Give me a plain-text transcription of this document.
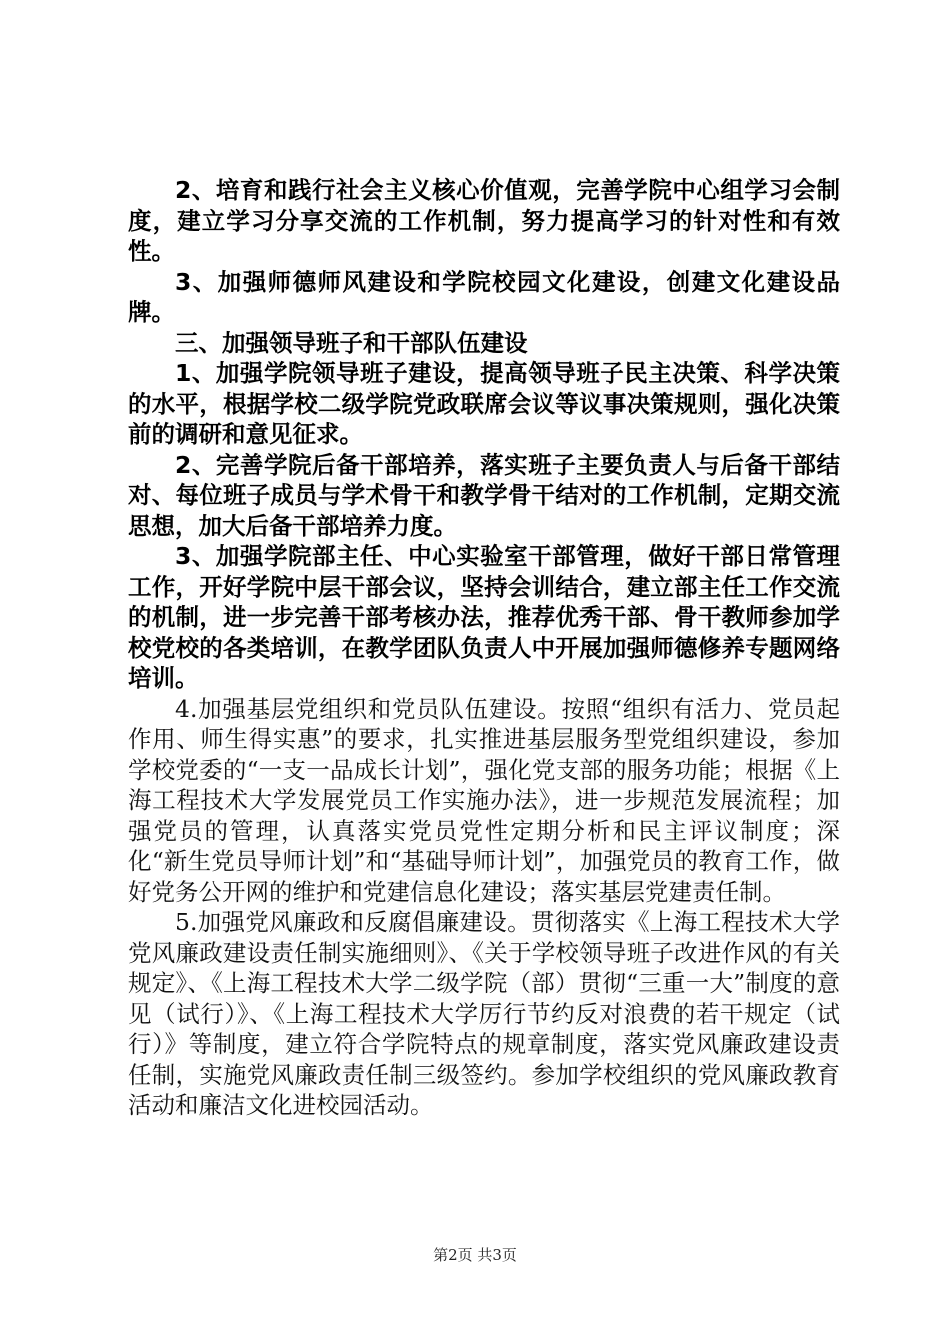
2、培育和践行社会主义核心价值观，完善学院中心组学习会制度，建立学习分享交流的工作机制，努力提高学习的针对性和有效性。

3、加强师德师风建设和学院校园文化建设，创建文化建设品牌。

三、加强领导班子和干部队伍建设

1、加强学院领导班子建设，提高领导班子民主决策、科学决策的水平，根据学校二级学院党政联席会议等议事决策规则，强化决策前的调研和意见征求。

2、完善学院后备干部培养，落实班子主要负责人与后备干部结对、每位班子成员与学术骨干和教学骨干结对的工作机制，定期交流思想，加大后备干部培养力度。

3、加强学院部主任、中心实验室干部管理，做好干部日常管理工作，开好学院中层干部会议，坚持会训结合，建立部主任工作交流的机制，进一步完善干部考核办法，推荐优秀干部、骨干教师参加学校党校的各类培训，在教学团队负责人中开展加强师德修养专题网络培训。

4.加强基层党组织和党员队伍建设。按照“组织有活力、党员起作用、师生得实惠”的要求，扎实推进基层服务型党组织建设，参加学校党委的“一支一品成长计划”，强化党支部的服务功能；根据《上海工程技术大学发展党员工作实施办法》，进一步规范发展流程；加强党员的管理，认真落实党员党性定期分析和民主评议制度；深化“新生党员导师计划”和“基础导师计划”，加强党员的教育工作，做好党务公开网的维护和党建信息化建设；落实基层党建责任制。

5.加强党风廉政和反腐倡廉建设。贯彻落实《上海工程技术大学党风廉政建设责任制实施细则》、《关于学校领导班子改进作风的有关规定》、《上海工程技术大学二级学院（部）贯彻“三重一大”制度的意见（试行）》、《上海工程技术大学厉行节约反对浪费的若干规定（试行）》等制度，建立符合学院特点的规章制度，落实党风廉政建设责任制，实施党风廉政责任制三级签约。参加学校组织的党风廉政教育活动和廉洁文化进校园活动。

第2页 共3页
